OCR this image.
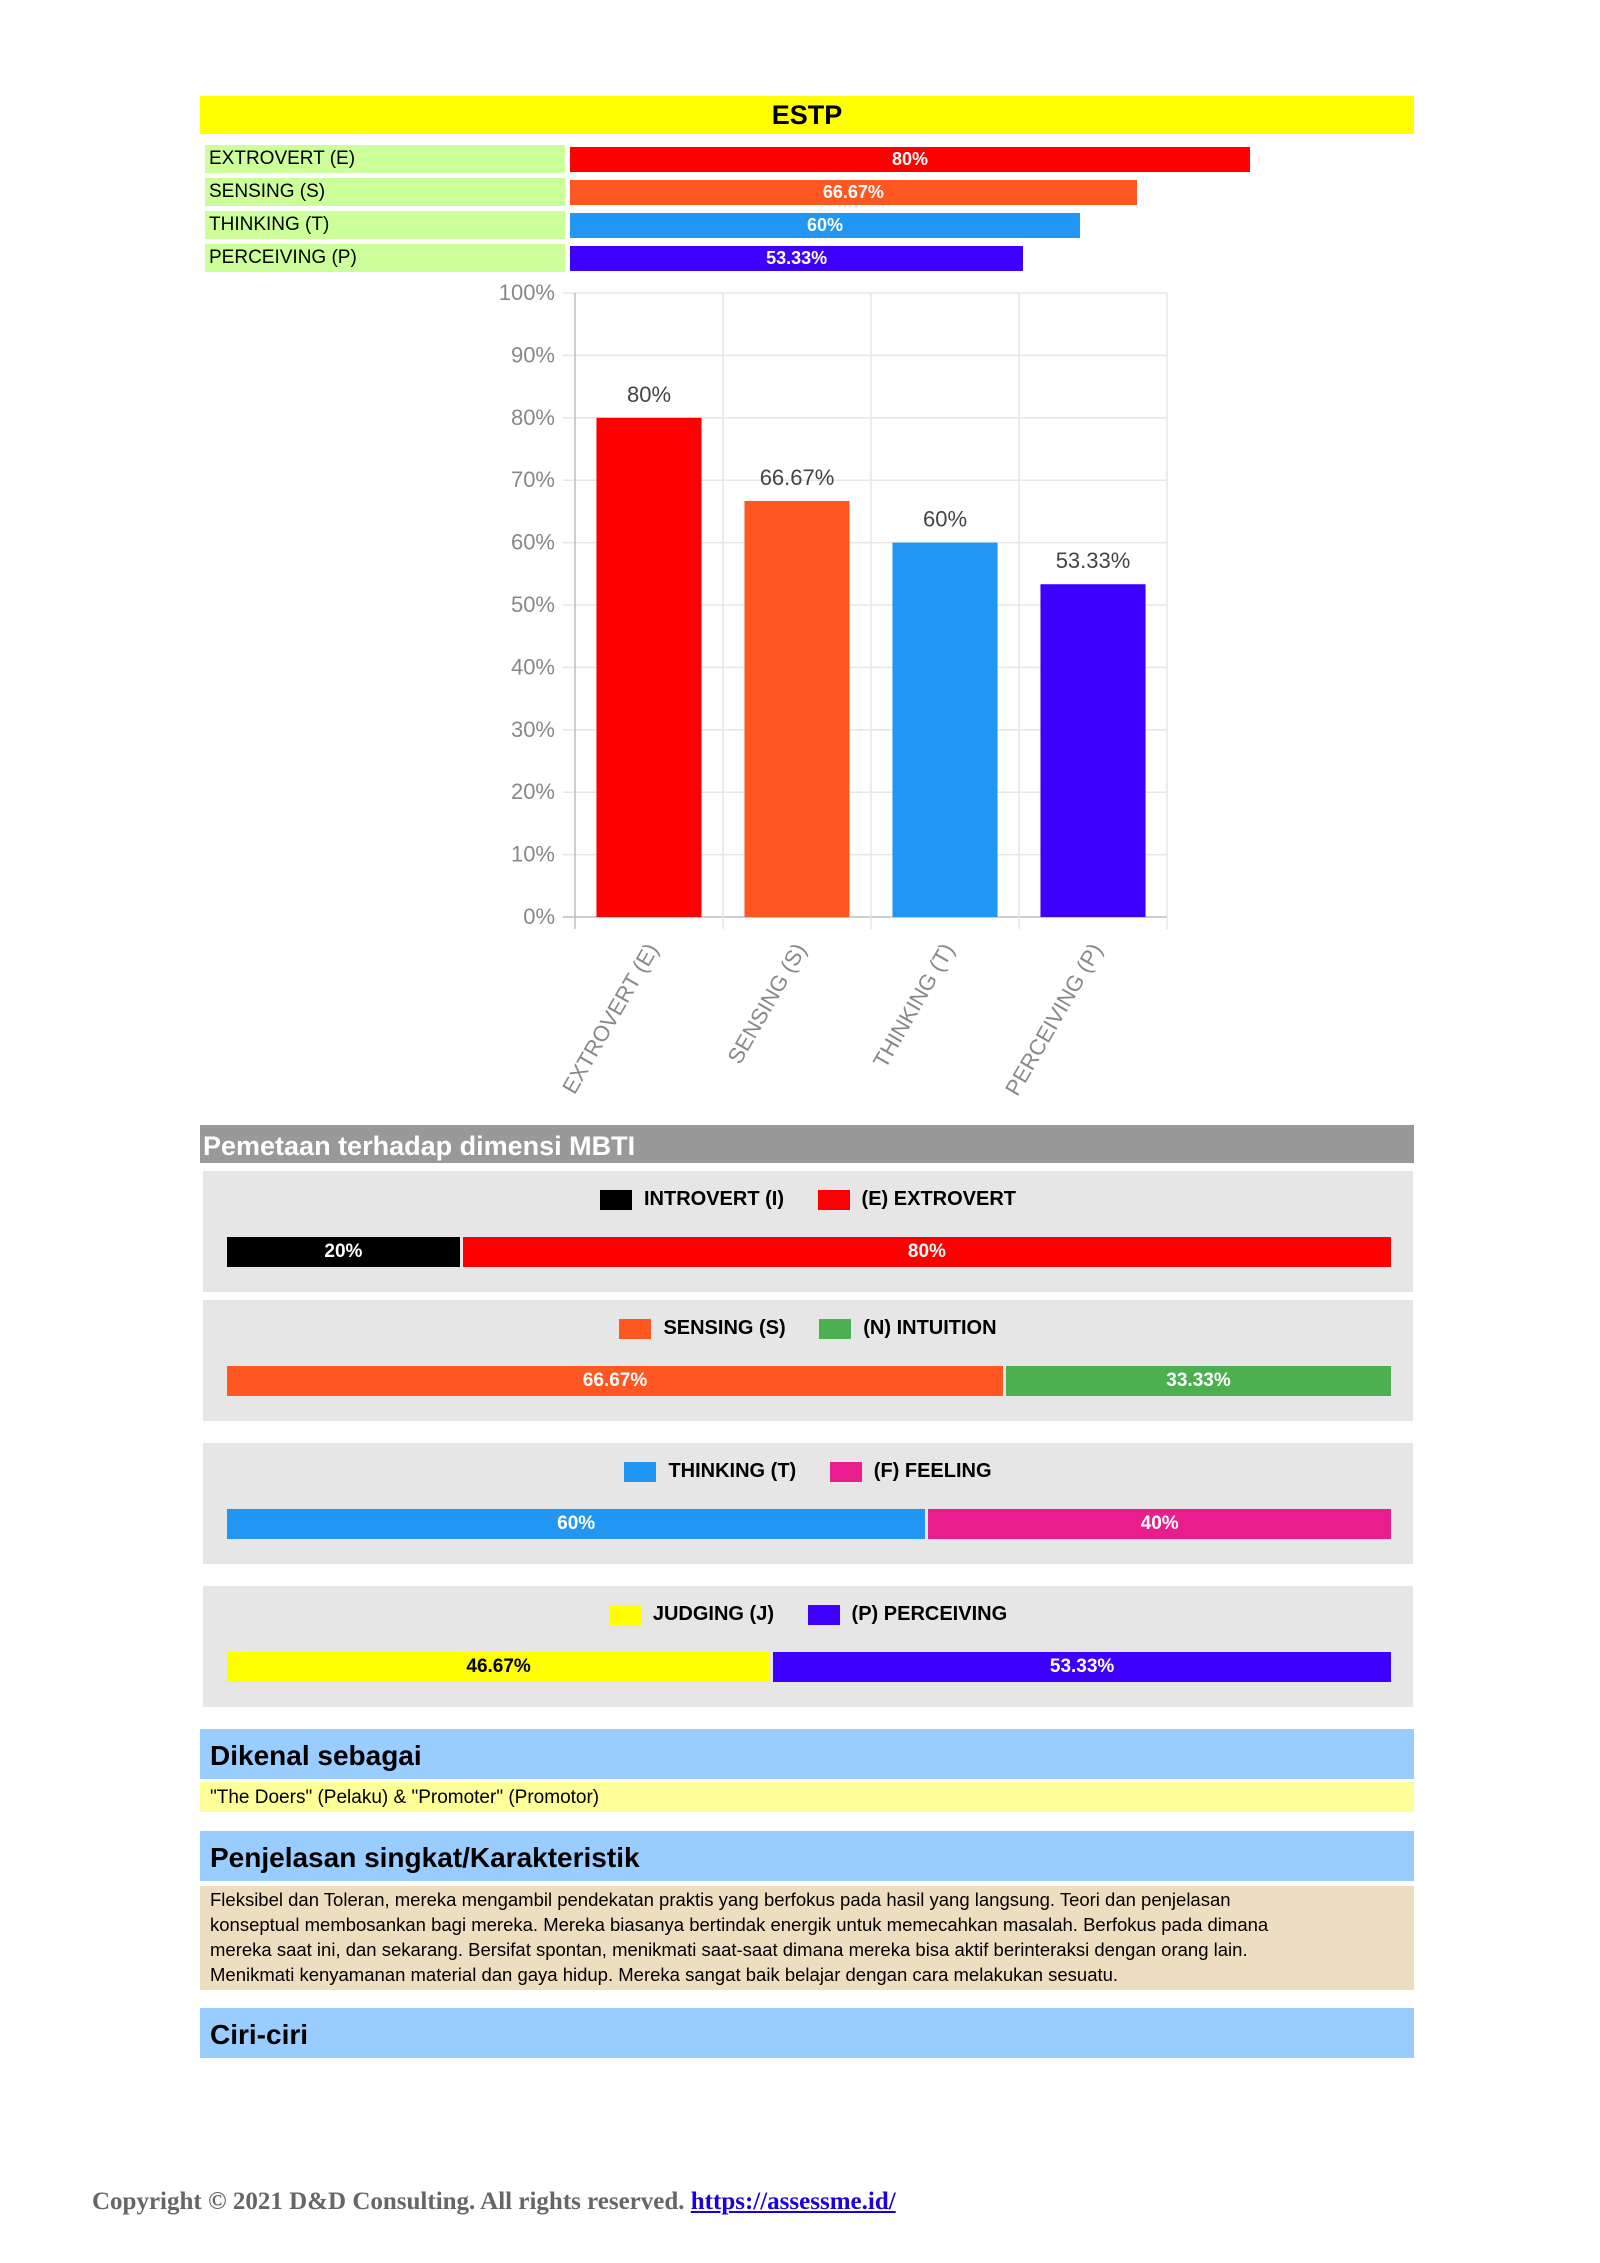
ESTP
EXTROVERT (E)	80%
SENSING (S)	66.67%
THINKING (T)	60%
PERCEIVING (P)	53.33%
0%
10%
20%
30%
40%
50%
60%
70%
80%
90%
100%
80%
EXTROVERT (E)
66.67%
SENSING (S)
60%
THINKING (T)
53.33%
PERCEIVING (P)
Pemetaan terhadap dimensi MBTI
INTROVERT (I)
	(E) EXTROVERT
20%	80%
SENSING (S)
	(N) INTUITION
66.67%	33.33%
THINKING (T)
	(F) FEELING
60%	40%
JUDGING (J)
	(P) PERCEIVING
46.67%	53.33%
Dikenal sebagai
"The Doers" (Pelaku) & "Promoter" (Promotor)
Penjelasan singkat/Karakteristik
Fleksibel dan Toleran, mereka mengambil pendekatan praktis yang berfokus pada hasil yang langsung. Teori dan penjelasan
konseptual membosankan bagi mereka. Mereka biasanya bertindak energik untuk memecahkan masalah. Berfokus pada dimana
mereka saat ini, dan sekarang. Bersifat spontan, menikmati saat-saat dimana mereka bisa aktif berinteraksi dengan orang lain.
Menikmati kenyamanan material dan gaya hidup. Mereka sangat baik belajar dengan cara melakukan sesuatu.
Ciri-ciri
Copyright © 2021 D&D Consulting. All rights reserved. https://assessme.id/
